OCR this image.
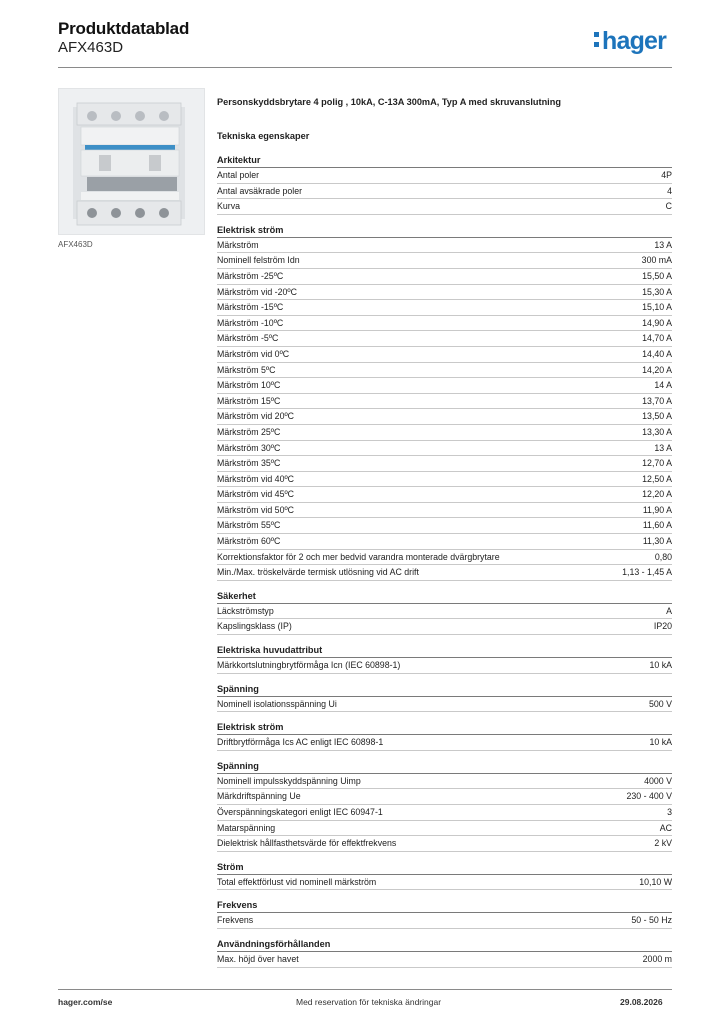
Produktdatablad
AFX463D	hager
AFX463D
Personskyddsbrytare 4 polig , 10kA, C-13A 300mA, Typ A med skruvanslutning
Tekniska egenskaper
Arkitektur
Antal poler	4P
Antal avsäkrade poler	4
Kurva	C
Elektrisk ström
Märkström	13 A
Nominell felström Idn	300 mA
Märkström -25ºC	15,50 A
Märkström vid -20ºC	15,30 A
Märkström -15ºC	15,10 A
Märkström -10ºC	14,90 A
Märkström -5ºC	14,70 A
Märkström vid 0ºC	14,40 A
Märkström 5ºC	14,20 A
Märkström 10ºC	14 A
Märkström 15ºC	13,70 A
Märkström vid 20ºC	13,50 A
Märkström 25ºC	13,30 A
Märkström 30ºC	13 A
Märkström 35ºC	12,70 A
Märkström vid 40ºC	12,50 A
Märkström vid 45ºC	12,20 A
Märkström vid 50ºC	11,90 A
Märkström 55ºC	11,60 A
Märkström 60ºC	11,30 A
Korrektionsfaktor för 2 och mer bedvid varandra monterade dvärgbrytare	0,80
Min./Max. tröskelvärde termisk utlösning vid AC drift	1,13 - 1,45 A
Säkerhet
Läckströmstyp	A
Kapslingsklass (IP)	IP20
Elektriska huvudattribut
Märkkortslutningbrytförmåga Icn (IEC 60898-1)	10 kA
Spänning
Nominell isolationsspänning Ui	500 V
Elektrisk ström
Driftbrytförmåga Ics AC enligt IEC 60898-1	10 kA
Spänning
Nominell impulsskyddspänning Uimp	4000 V
Märkdriftspänning Ue	230 - 400 V
Överspänningskategori enligt IEC 60947-1	3
Matarspänning	AC
Dielektrisk hållfasthetsvärde för effektfrekvens	2 kV
Ström
Total effektförlust vid nominell märkström	10,10 W
Frekvens
Frekvens	50 - 50 Hz
Användningsförhållanden
Max. höjd över havet	2000 m
hager.com/se	Med reservation för tekniska ändringar	29.08.2026
